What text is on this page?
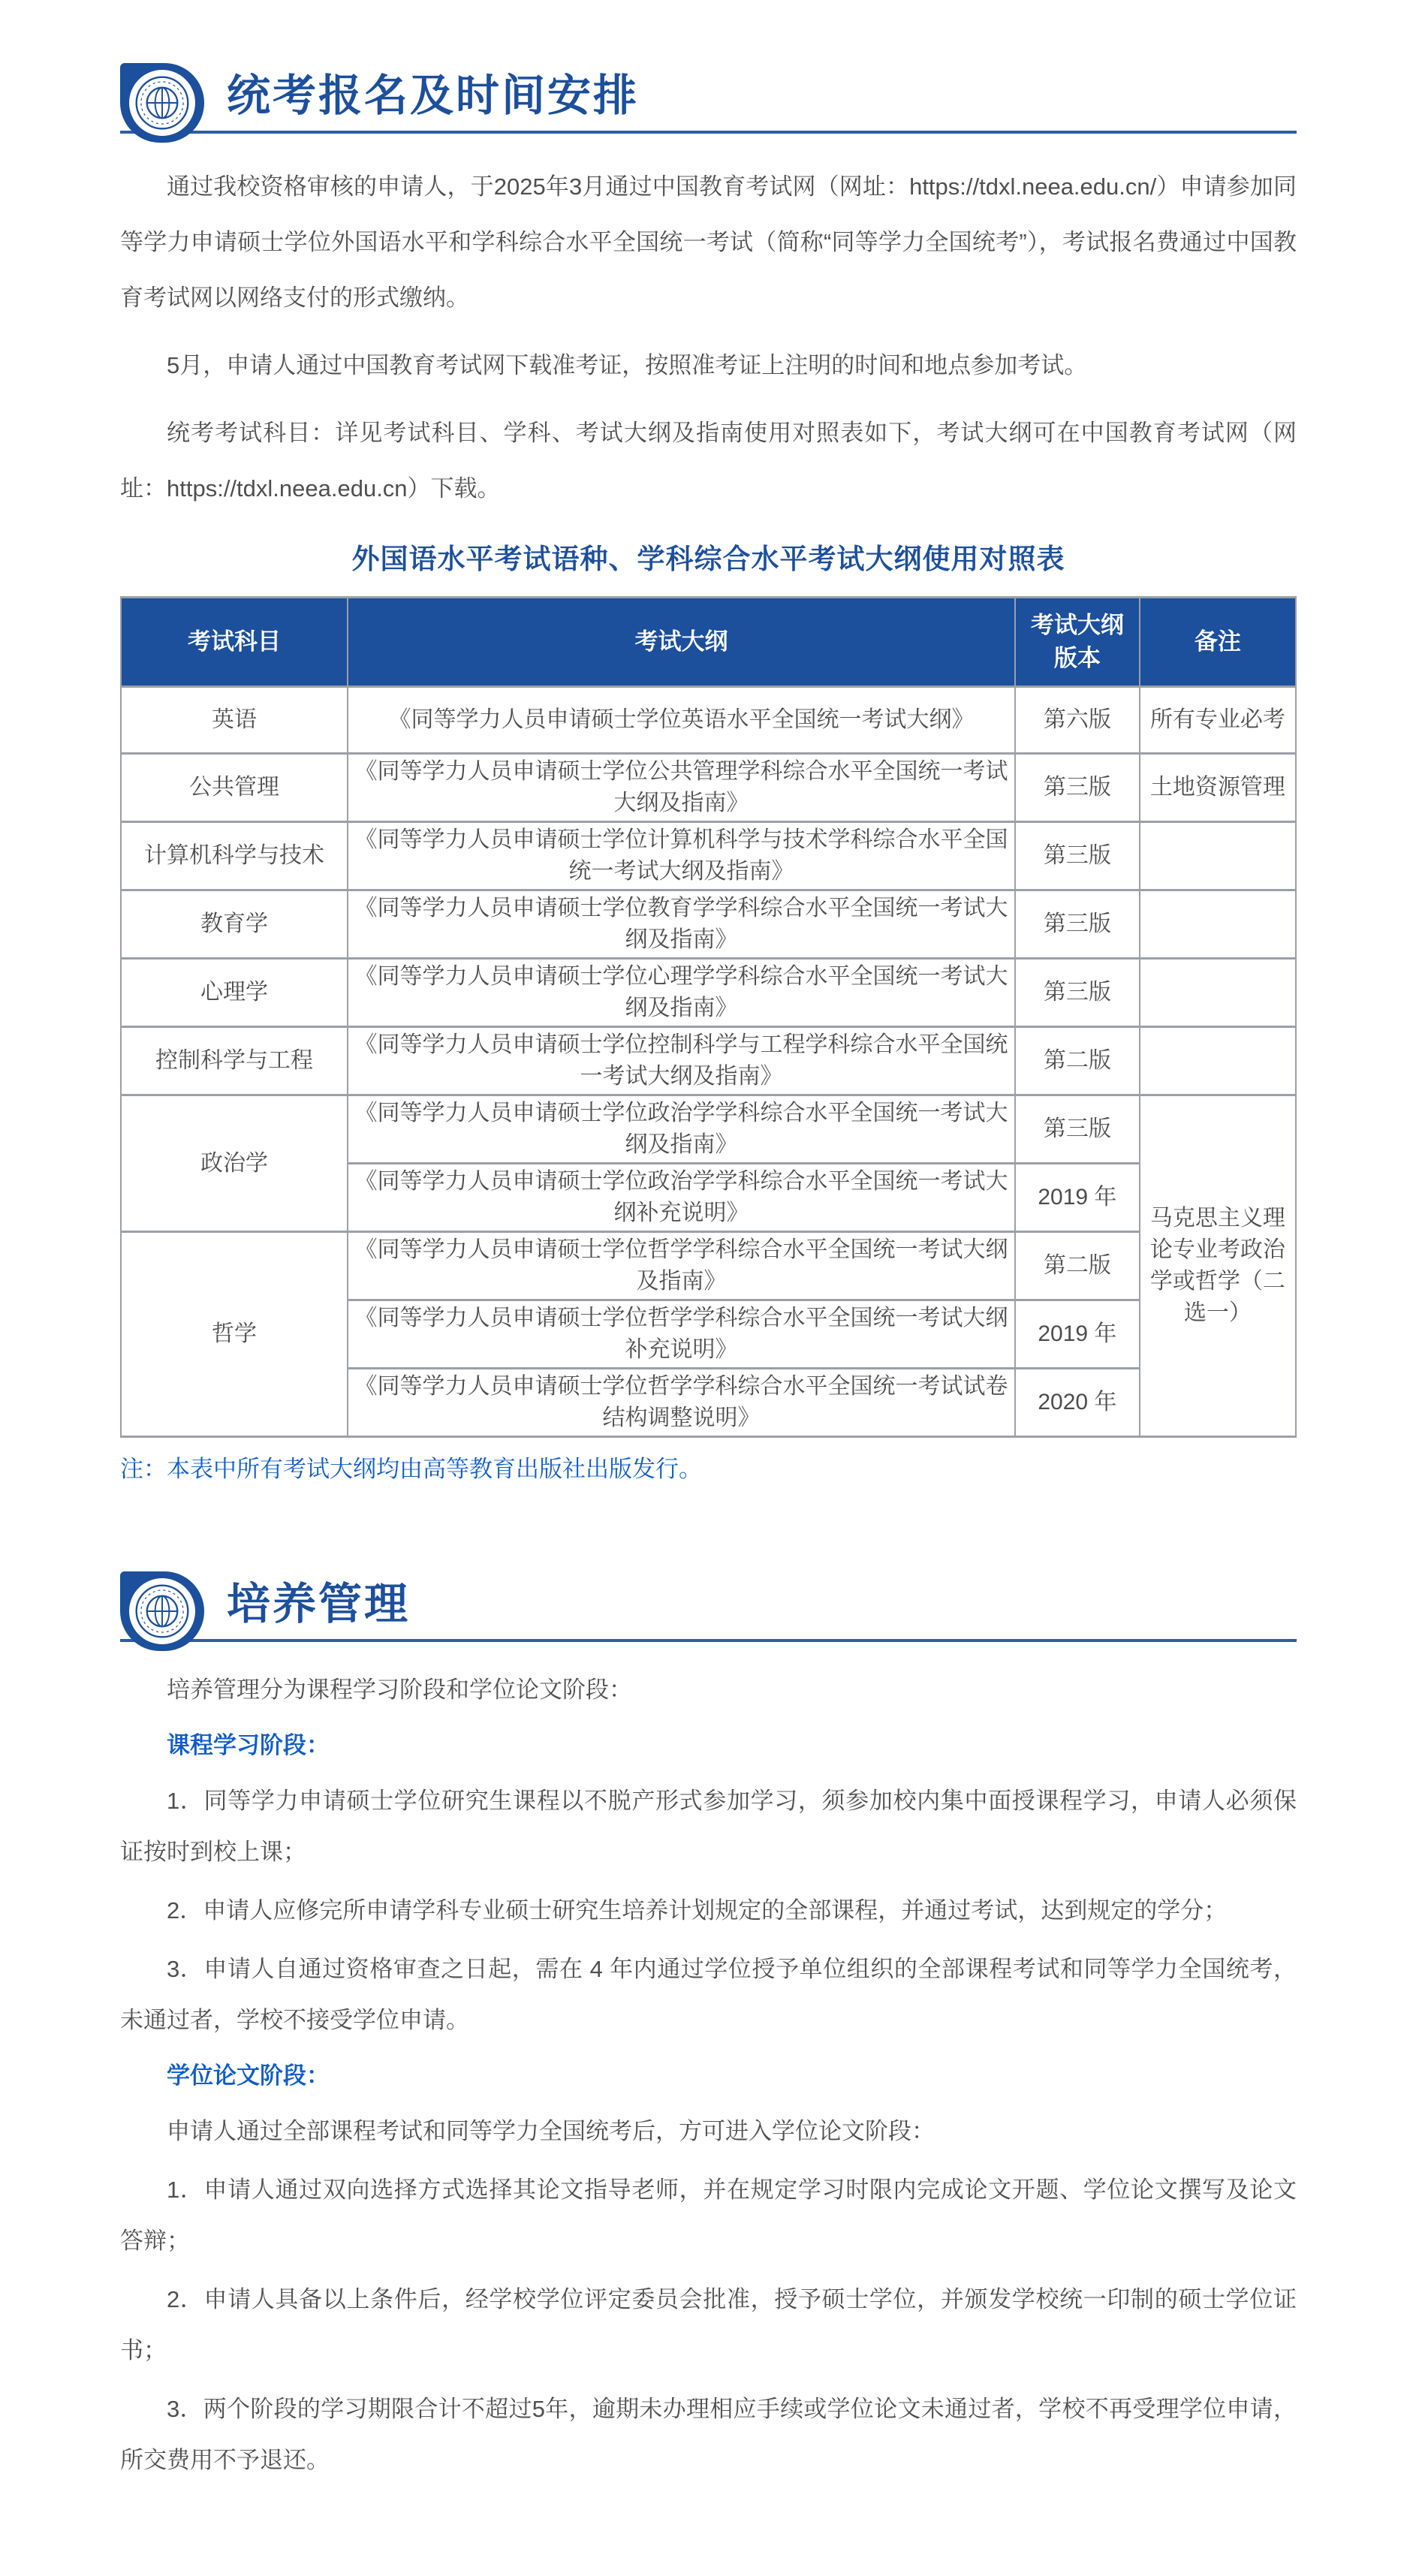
统考报名及时间安排

通过我校资格审核的申请人，于2025年3月通过中国教育考试网（网址：https://tdxl.neea.edu.cn/）申请参加同等学力申请硕士学位外国语水平和学科综合水平全国统一考试（简称“同等学力全国统考”），考试报名费通过中国教育考试网以网络支付的形式缴纳。

5月，申请人通过中国教育考试网下载准考证，按照准考证上注明的时间和地点参加考试。

统考考试科目：详见考试科目、学科、考试大纲及指南使用对照表如下，考试大纲可在中国教育考试网（网址：https://tdxl.neea.edu.cn）下载。

外国语水平考试语种、学科综合水平考试大纲使用对照表
考试科目	考试大纲	考试大纲版本	备注
英语	《同等学力人员申请硕士学位英语水平全国统一考试大纲》	第六版	所有专业必考
公共管理	《同等学力人员申请硕士学位公共管理学科综合水平全国统一考试大纲及指南》	第三版	土地资源管理
计算机科学与技术	《同等学力人员申请硕士学位计算机科学与技术学科综合水平全国统一考试大纲及指南》	第三版	
教育学	《同等学力人员申请硕士学位教育学学科综合水平全国统一考试大纲及指南》	第三版	
心理学	《同等学力人员申请硕士学位心理学学科综合水平全国统一考试大纲及指南》	第三版	
控制科学与工程	《同等学力人员申请硕士学位控制科学与工程学科综合水平全国统一考试大纲及指南》	第二版	
政治学	《同等学力人员申请硕士学位政治学学科综合水平全国统一考试大纲及指南》	第三版	马克思主义理论专业考政治学或哲学（二选一）
	《同等学力人员申请硕士学位政治学学科综合水平全国统一考试大纲补充说明》	2019 年	
哲学	《同等学力人员申请硕士学位哲学学科综合水平全国统一考试大纲及指南》	第二版	
	《同等学力人员申请硕士学位哲学学科综合水平全国统一考试大纲补充说明》	2019 年	
	《同等学力人员申请硕士学位哲学学科综合水平全国统一考试试卷结构调整说明》	2020 年	
注：本表中所有考试大纲均由高等教育出版社出版发行。
培养管理

培养管理分为课程学习阶段和学位论文阶段：

课程学习阶段：

1．同等学力申请硕士学位研究生课程以不脱产形式参加学习，须参加校内集中面授课程学习，申请人必须保证按时到校上课；

2．申请人应修完所申请学科专业硕士研究生培养计划规定的全部课程，并通过考试，达到规定的学分；

3．申请人自通过资格审查之日起，需在 4 年内通过学位授予单位组织的全部课程考试和同等学力全国统考，未通过者，学校不接受学位申请。

学位论文阶段：

申请人通过全部课程考试和同等学力全国统考后，方可进入学位论文阶段：

1．申请人通过双向选择方式选择其论文指导老师，并在规定学习时限内完成论文开题、学位论文撰写及论文答辩；

2．申请人具备以上条件后，经学校学位评定委员会批准，授予硕士学位，并颁发学校统一印制的硕士学位证书；

3．两个阶段的学习期限合计不超过5年，逾期未办理相应手续或学位论文未通过者，学校不再受理学位申请，所交费用不予退还。
